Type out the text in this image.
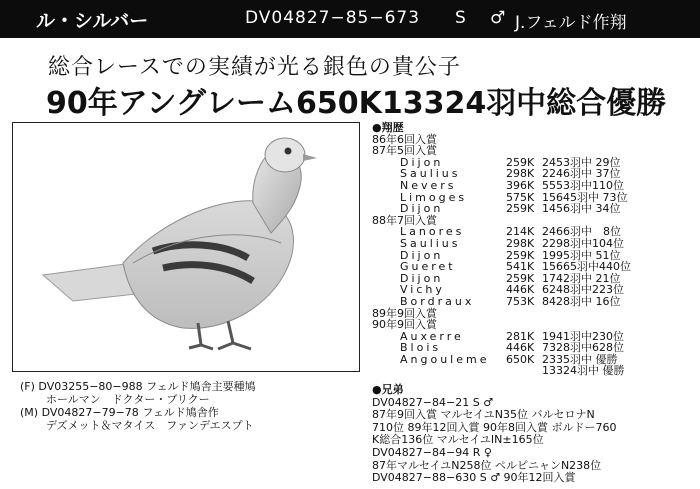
ル・シルバー	DV04827−85−673 S ♂ J.フェルド作翔
総合レースでの実績が光る銀色の貴公子
90年アングレーム650K13324羽中総合優勝
(F) DV03255−80−988 フェルド鳩舎主要種鳩
ホールマン　ドクター・ブリクー
(M) DV04827−79−78 フェルド鳩舎作
デズメット＆マタイス　ファンデエスプト
●翔歴
86年6回入賞
87年5回入賞
Dijon	259K 2453羽中 29位
Saulius	298K 2246羽中 37位
Nevers	396K 5553羽中110位
Limoges	575K 15645羽中 73位
Dijon	259K 1456羽中 34位
88年7回入賞
Lanores	214K 2466羽中　8位
Saulius	298K 2298羽中104位
Dijon	259K 1995羽中 51位
Gueret	541K 15665羽中440位
Dijon	259K 1742羽中 21位
Vichy	446K 6248羽中223位
Bordraux	753K 8428羽中 16位
89年9回入賞
90年9回入賞
Auxerre	281K 1941羽中230位
Blois	446K 7328羽中628位
Angouleme 650K 2335羽中 優勝
13324羽中 優勝
●兄弟
DV04827−84−21 S ♂
87年9回入賞 マルセイユN35位 バルセロナN
710位 89年12回入賞 90年8回入賞 ボルドー760
K総合136位 マルセイユIN±165位
DV04827−84−94 R ♀
87年マルセイユN258位 ペルピニャンN238位
DV04827−88−630 S ♂ 90年12回入賞
